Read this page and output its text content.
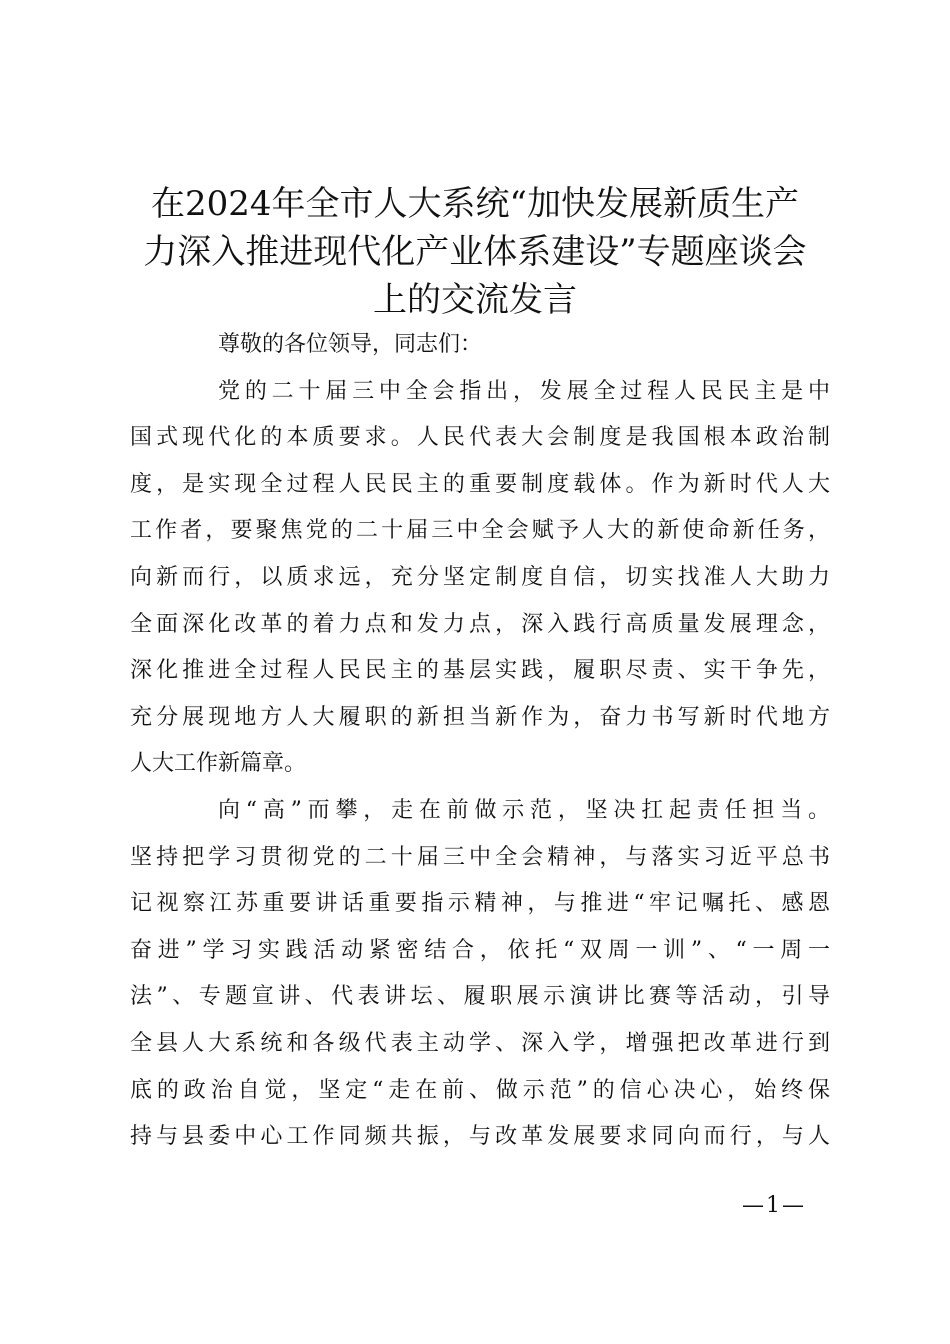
在2024年全市人大系统“加快发展新质生产
力深入推进现代化产业体系建设”专题座谈会
上的交流发言

尊敬的各位领导，同志们：

党的二十届三中全会指出，发展全过程人民民主是中
国式现代化的本质要求。人民代表大会制度是我国根本政治制
度，是实现全过程人民民主的重要制度载体。作为新时代人大
工作者，要聚焦党的二十届三中全会赋予人大的新使命新任务，
向新而行，以质求远，充分坚定制度自信，切实找准人大助力
全面深化改革的着力点和发力点，深入践行高质量发展理念，
深化推进全过程人民民主的基层实践，履职尽责、实干争先，
充分展现地方人大履职的新担当新作为，奋力书写新时代地方
人大工作新篇章。

向“高”而攀，走在前做示范，坚决扛起责任担当。
坚持把学习贯彻党的二十届三中全会精神，与落实习近平总书
记视察江苏重要讲话重要指示精神，与推进“牢记嘱托、感恩
奋进”学习实践活动紧密结合，依托“双周一训”、“一周一
法”、专题宣讲、代表讲坛、履职展示演讲比赛等活动，引导
全县人大系统和各级代表主动学、深入学，增强把改革进行到
底的政治自觉，坚定“走在前、做示范”的信心决心，始终保
持与县委中心工作同频共振，与改革发展要求同向而行，与人

—1—
